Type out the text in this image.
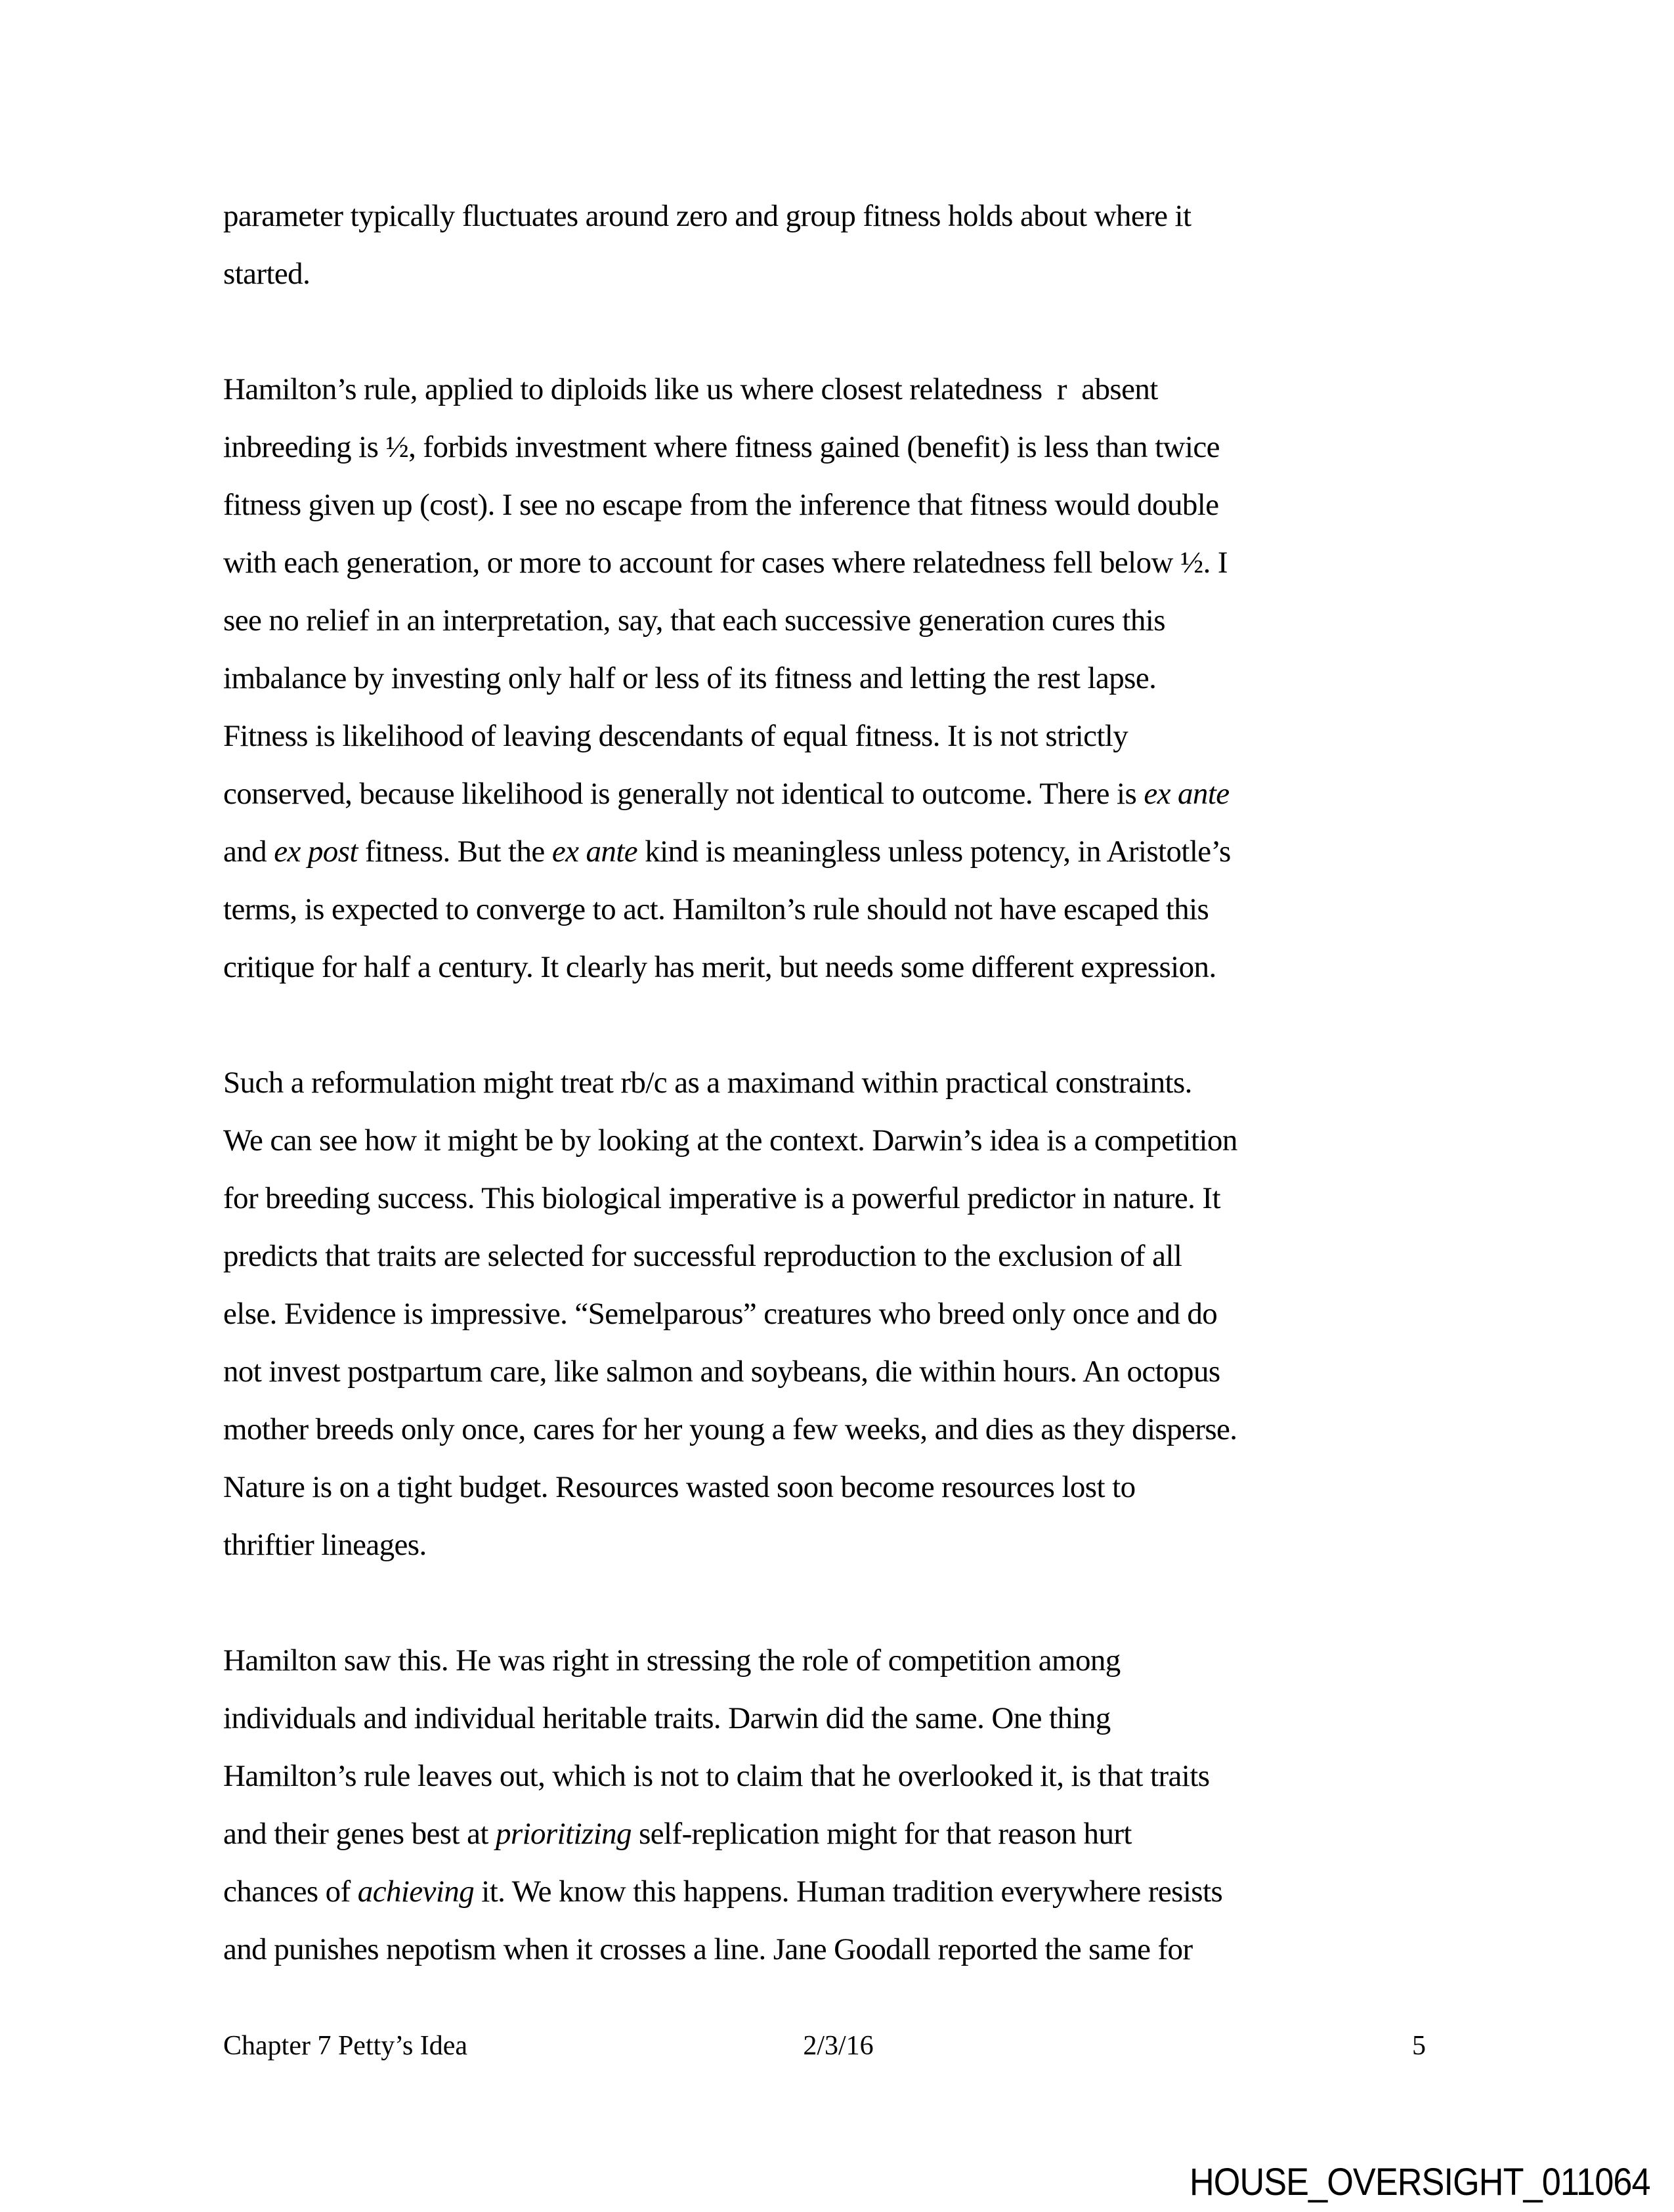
parameter typically fluctuates around zero and group fitness holds about where it
started.
Hamilton’s rule, applied to diploids like us where closest relatedness  r  absent
inbreeding is ½, forbids investment where fitness gained (benefit) is less than twice
fitness given up (cost). I see no escape from the inference that fitness would double
with each generation, or more to account for cases where relatedness fell below ½. I
see no relief in an interpretation, say, that each successive generation cures this
imbalance by investing only half or less of its fitness and letting the rest lapse.
Fitness is likelihood of leaving descendants of equal fitness. It is not strictly
conserved, because likelihood is generally not identical to outcome. There is ex ante
and ex post fitness. But the ex ante kind is meaningless unless potency, in Aristotle’s
terms, is expected to converge to act. Hamilton’s rule should not have escaped this
critique for half a century. It clearly has merit, but needs some different expression.
Such a reformulation might treat rb/c as a maximand within practical constraints.
We can see how it might be by looking at the context. Darwin’s idea is a competition
for breeding success. This biological imperative is a powerful predictor in nature. It
predicts that traits are selected for successful reproduction to the exclusion of all
else. Evidence is impressive. “Semelparous” creatures who breed only once and do
not invest postpartum care, like salmon and soybeans, die within hours. An octopus
mother breeds only once, cares for her young a few weeks, and dies as they disperse.
Nature is on a tight budget. Resources wasted soon become resources lost to
thriftier lineages.
Hamilton saw this. He was right in stressing the role of competition among
individuals and individual heritable traits. Darwin did the same. One thing
Hamilton’s rule leaves out, which is not to claim that he overlooked it, is that traits
and their genes best at prioritizing self-replication might for that reason hurt
chances of achieving it. We know this happens. Human tradition everywhere resists
and punishes nepotism when it crosses a line. Jane Goodall reported the same for
Chapter 7 Petty’s Idea	2/3/16	5
HOUSE_OVERSIGHT_011064
